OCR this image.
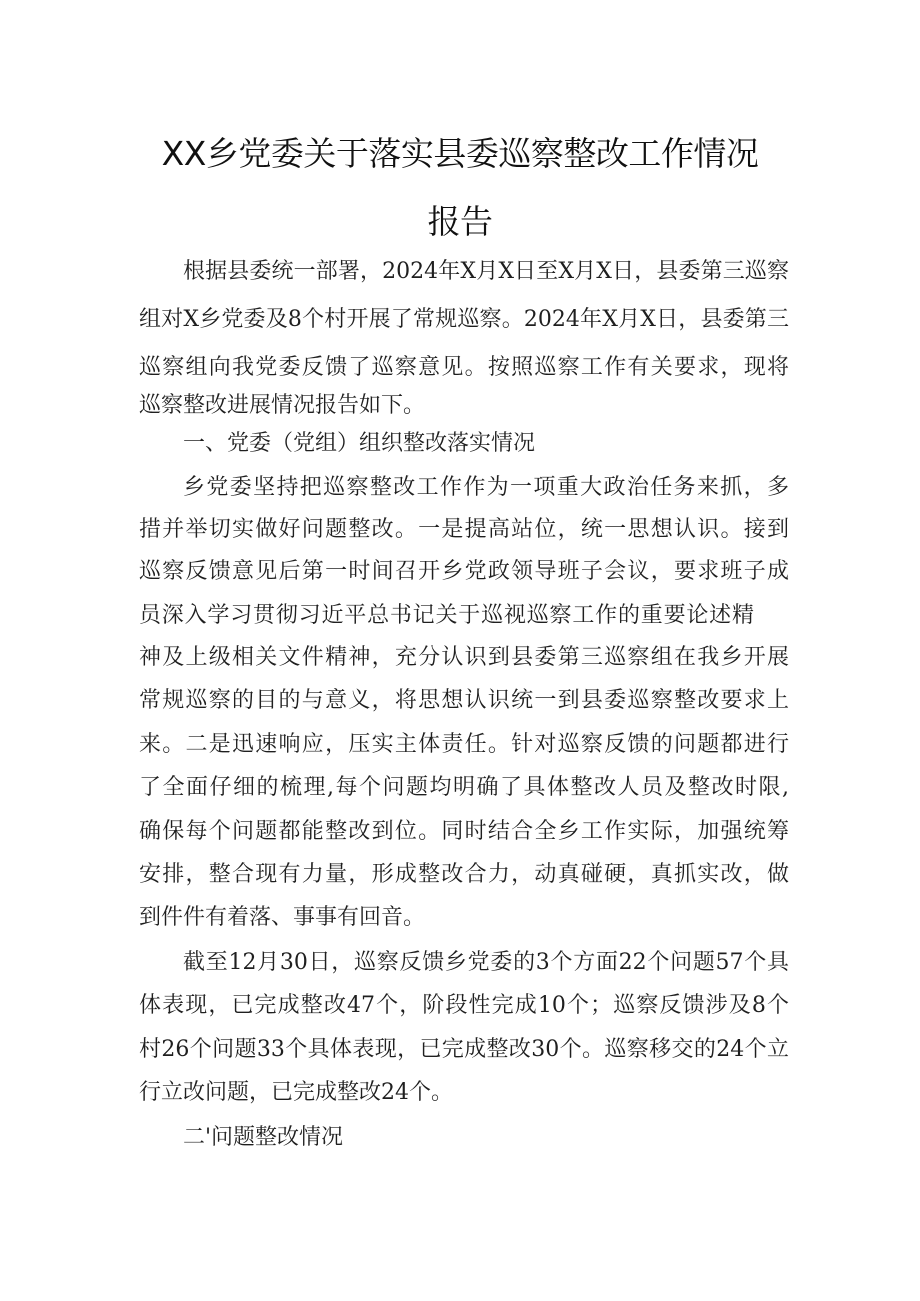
XX乡党委关于落实县委巡察整改工作情况
报告
根据县委统一部署，2024年X月X日至X月X日，县委第三巡察
组对X乡党委及8个村开展了常规巡察。2024年X月X日，县委第三
巡察组向我党委反馈了巡察意见。按照巡察工作有关要求，现将
巡察整改进展情况报告如下。
一、党委（党组）组织整改落实情况
乡党委坚持把巡察整改工作作为一项重大政治任务来抓，多
措并举切实做好问题整改。一是提高站位，统一思想认识。接到
巡察反馈意见后第一时间召开乡党政领导班子会议，要求班子成
员深入学习贯彻习近平总书记关于巡视巡察工作的重要论述精
神及上级相关文件精神，充分认识到县委第三巡察组在我乡开展
常规巡察的目的与意义，将思想认识统一到县委巡察整改要求上
来。二是迅速响应，压实主体责任。针对巡察反馈的问题都进行
了全面仔细的梳理,每个问题均明确了具体整改人员及整改时限,
确保每个问题都能整改到位。同时结合全乡工作实际，加强统筹
安排，整合现有力量，形成整改合力，动真碰硬，真抓实改，做
到件件有着落、事事有回音。
截至12月30日，巡察反馈乡党委的3个方面22个问题57个具
体表现，已完成整改47个，阶段性完成10个；巡察反馈涉及8个
村26个问题33个具体表现，已完成整改30个。巡察移交的24个立
行立改问题，已完成整改24个。
二'问题整改情况
